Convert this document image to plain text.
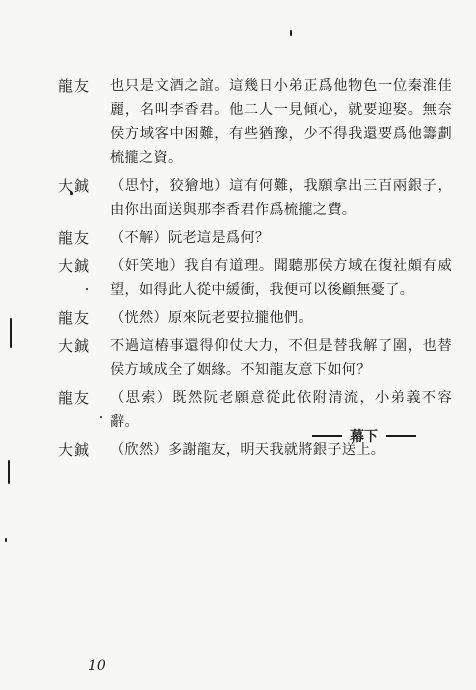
龍友	也只是文酒之誼。這幾日小弟正爲他物色一位秦淮佳麗，名叫李香君。他二人一見傾心，就要迎娶。無奈侯方域客中困難，有些猶豫，少不得我還要爲他籌劃梳攏之資。
大鋮	（思忖，狡獪地）這有何難，我願拿出三百兩銀子，由你出面送與那李香君作爲梳攏之費。
龍友	（不解）阮老這是爲何？
大鋮	（奸笑地）我自有道理。聞聽那侯方域在復社頗有威望，如得此人從中緩衝，我便可以後顧無憂了。
龍友	（恍然）原來阮老要拉攏他們。
大鋮	不過這樁事還得仰仗大力，不但是替我解了圍，也替侯方域成全了姻緣。不知龍友意下如何？
龍友	（思索）既然阮老願意從此依附清流，小弟義不容辭。
大鋮	（欣然）多謝龍友，明天我就將銀子送上。
幕下
10
